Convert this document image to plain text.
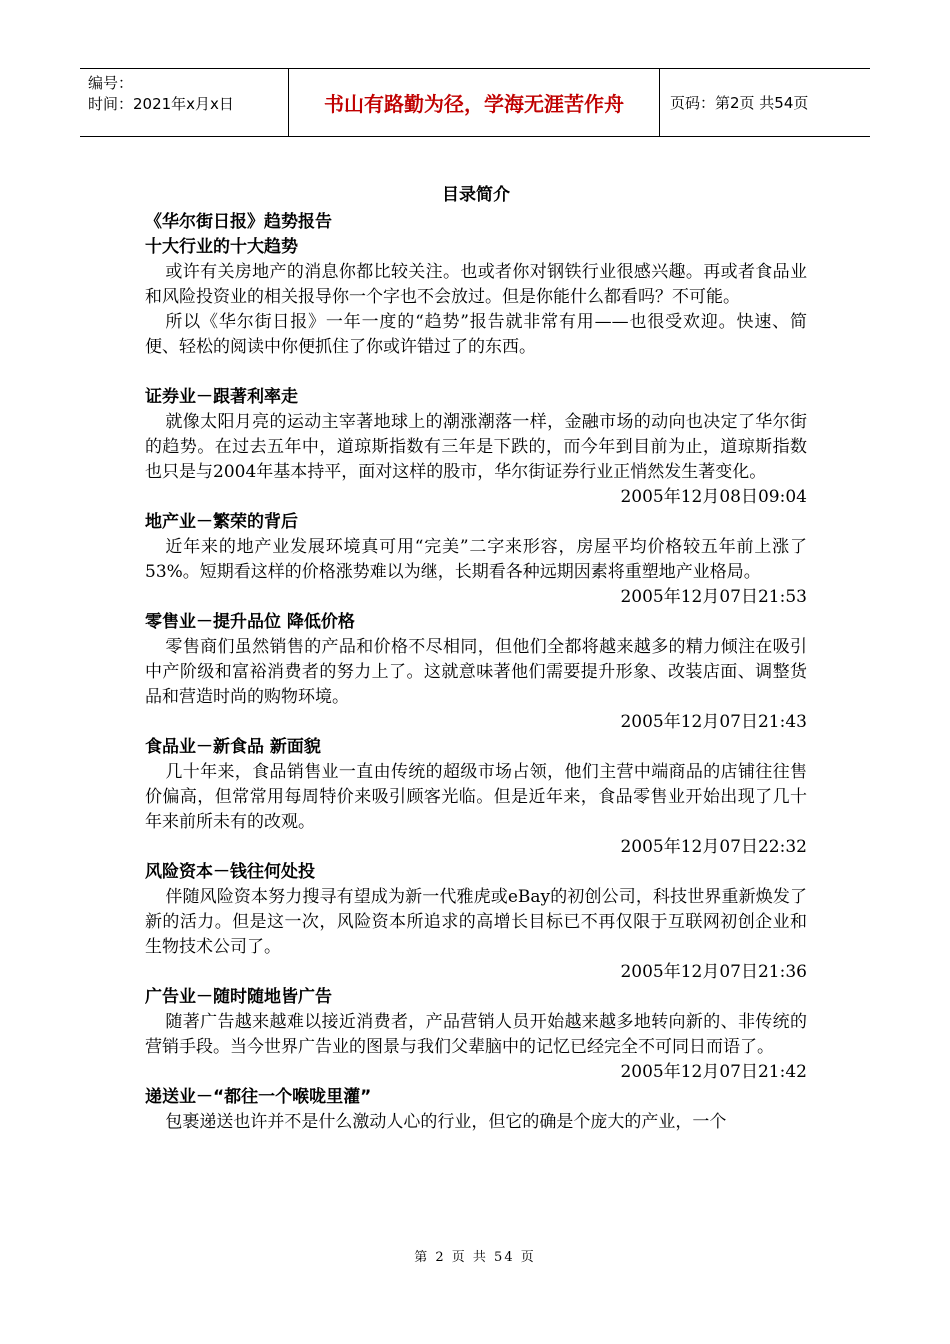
编号：
时间：2021年x月x日	书山有路勤为径，学海无涯苦作舟	页码：第2页 共54页
目录简介
《华尔街日报》趋势报告
十大行业的十大趋势
或许有关房地产的消息你都比较关注。也或者你对钢铁行业很感兴趣。再或者食品业和风险投资业的相关报导你一个字也不会放过。但是你能什么都看吗？不可能。
所以《华尔街日报》一年一度的“趋势”报告就非常有用——也很受欢迎。快速、简便、轻松的阅读中你便抓住了你或许错过了的东西。
证券业－跟著利率走
就像太阳月亮的运动主宰著地球上的潮涨潮落一样，金融市场的动向也决定了华尔街的趋势。在过去五年中，道琼斯指数有三年是下跌的，而今年到目前为止，道琼斯指数也只是与2004年基本持平，面对这样的股市，华尔街证券行业正悄然发生著变化。
2005年12月08日09:04
地产业－繁荣的背后
近年来的地产业发展环境真可用“完美”二字来形容，房屋平均价格较五年前上涨了53%。短期看这样的价格涨势难以为继，长期看各种远期因素将重塑地产业格局。
2005年12月07日21:53
零售业－提升品位 降低价格
零售商们虽然销售的产品和价格不尽相同，但他们全都将越来越多的精力倾注在吸引中产阶级和富裕消费者的努力上了。这就意味著他们需要提升形象、改装店面、调整货品和营造时尚的购物环境。
2005年12月07日21:43
食品业－新食品 新面貌
几十年来，食品销售业一直由传统的超级市场占领，他们主营中端商品的店铺往往售价偏高，但常常用每周特价来吸引顾客光临。但是近年来，食品零售业开始出现了几十年来前所未有的改观。
2005年12月07日22:32
风险资本－钱往何处投
伴随风险资本努力搜寻有望成为新一代雅虎或eBay的初创公司，科技世界重新焕发了新的活力。但是这一次，风险资本所追求的高增长目标已不再仅限于互联网初创企业和生物技术公司了。
2005年12月07日21:36
广告业－随时随地皆广告
随著广告越来越难以接近消费者，产品营销人员开始越来越多地转向新的、非传统的营销手段。当今世界广告业的图景与我们父辈脑中的记忆已经完全不可同日而语了。
2005年12月07日21:42
递送业－“都往一个喉咙里灌”
包裹递送也许并不是什么激动人心的行业，但它的确是个庞大的产业，一个
第 2 页 共 54 页
